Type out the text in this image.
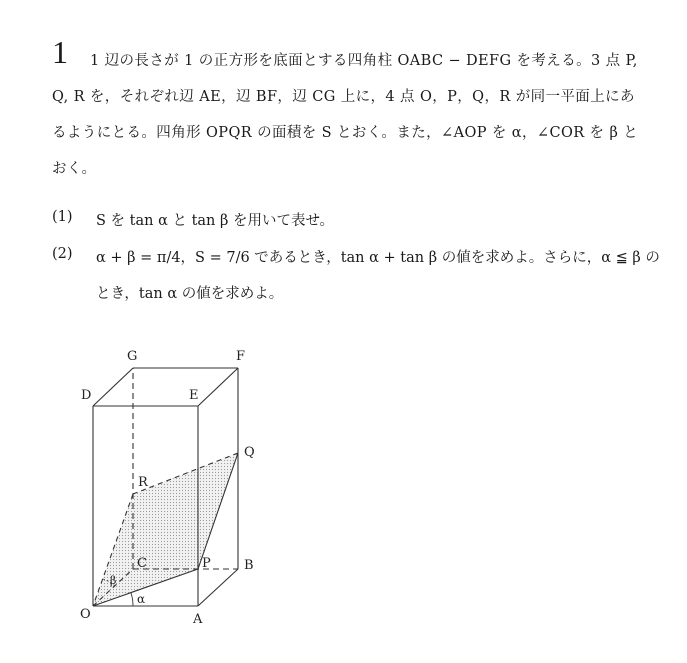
1 1 辺の長さが 1 の正方形を底面とする四角柱 OABC − DEFG を考える。3 点 P,
Q, R を，それぞれ辺 AE，辺 BF，辺 CG 上に，4 点 O，P，Q，R が同一平面上にあ
るようにとる。四角形 OPQR の面積を S とおく。また，∠AOP を α，∠COR を β と
おく。
(1) S を tan α と tan β を用いて表せ。
(2) α + β = π/4，S = 7/6 であるとき，tan α + tan β の値を求めよ。さらに，α ≦ β の
とき，tan α の値を求めよ。
G	F
D	E
Q
R
C	P	B
O	A
α
β
